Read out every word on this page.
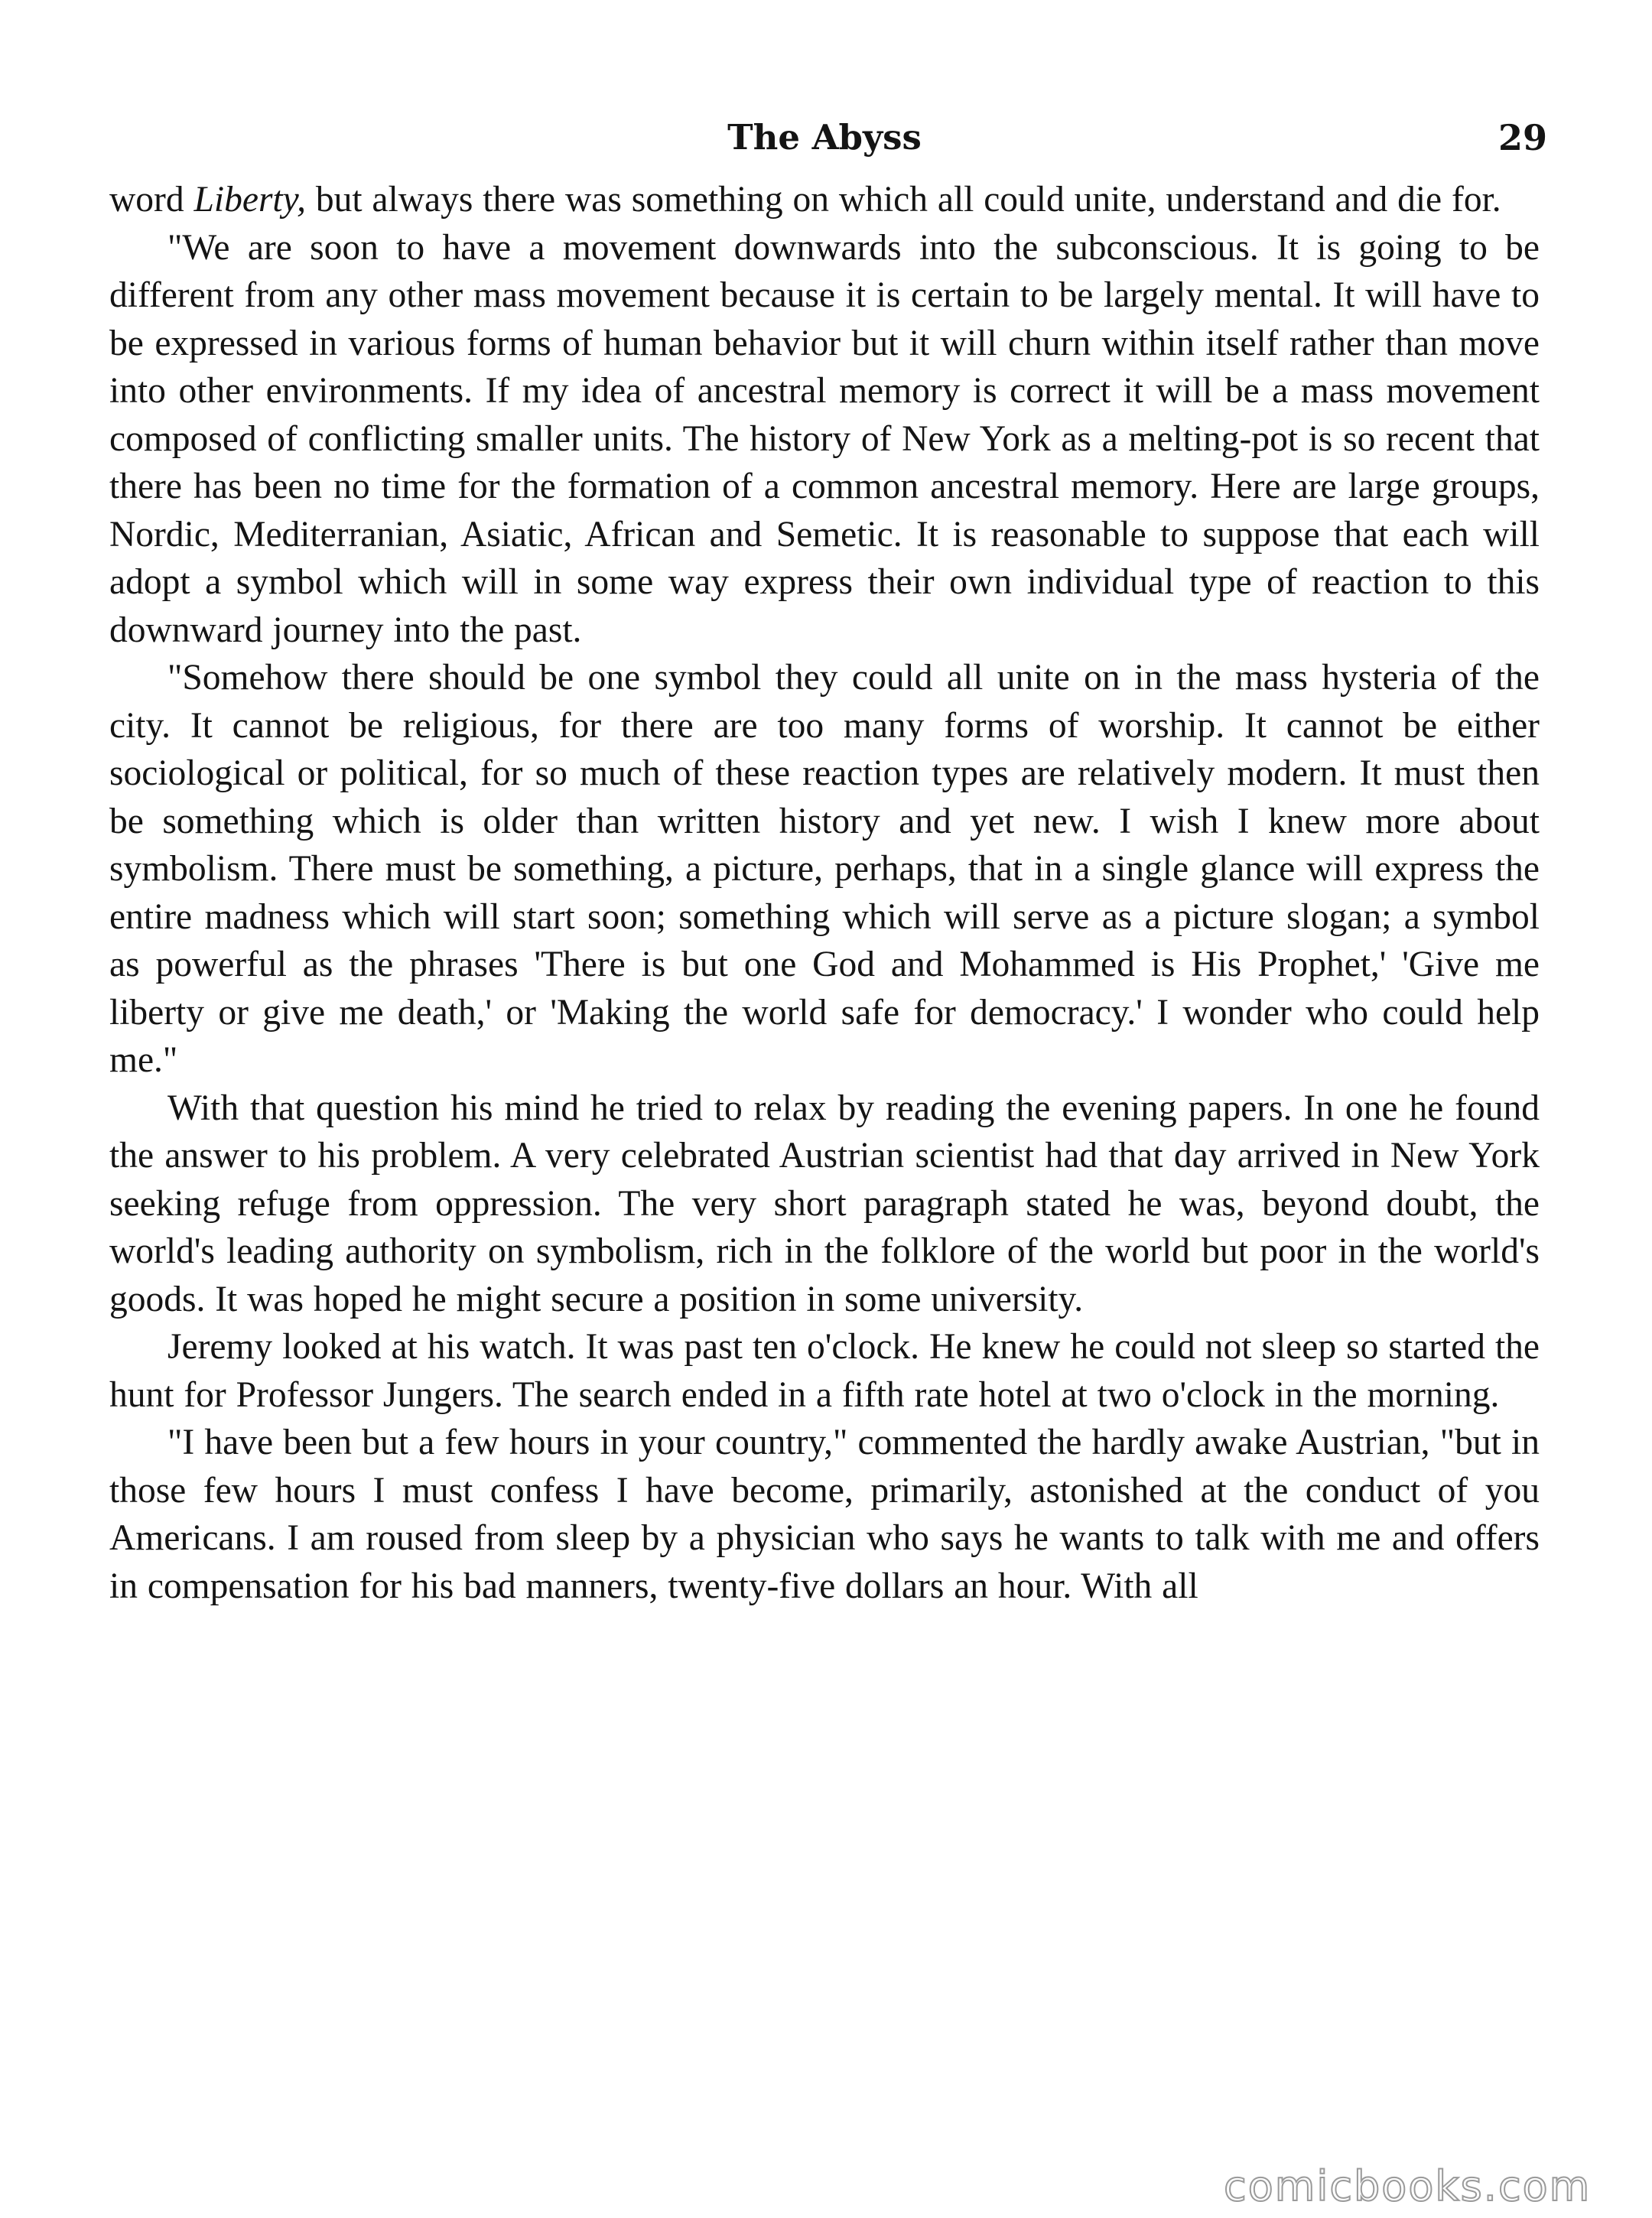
The Abyss	29

word Liberty, but always there was something on which all could unite, understand and die for.

"We are soon to have a movement downwards into the subconscious. It is going to be different from any other mass movement because it is certain to be largely mental. It will have to be expressed in various forms of human behavior but it will churn within itself rather than move into other environments. If my idea of ancestral memory is correct it will be a mass movement composed of conflicting smaller units. The history of New York as a melting-pot is so recent that there has been no time for the formation of a common ancestral memory. Here are large groups, Nordic, Mediterranian, Asiatic, African and Semetic. It is reasonable to suppose that each will adopt a symbol which will in some way express their own individual type of reaction to this downward journey into the past.

"Somehow there should be one symbol they could all unite on in the mass hysteria of the city. It cannot be religious, for there are too many forms of worship. It cannot be either sociological or political, for so much of these reaction types are relatively modern. It must then be something which is older than written history and yet new. I wish I knew more about symbolism. There must be something, a picture, perhaps, that in a single glance will express the entire madness which will start soon; something which will serve as a picture slogan; a symbol as powerful as the phrases 'There is but one God and Mohammed is His Prophet,' 'Give me liberty or give me death,' or 'Making the world safe for democracy.' I wonder who could help me."

With that question his mind he tried to relax by reading the evening papers. In one he found the answer to his problem. A very celebrated Austrian scientist had that day arrived in New York seeking refuge from oppression. The very short paragraph stated he was, beyond doubt, the world's leading authority on symbolism, rich in the folklore of the world but poor in the world's goods. It was hoped he might secure a position in some university.

Jeremy looked at his watch. It was past ten o'clock. He knew he could not sleep so started the hunt for Professor Jungers. The search ended in a fifth rate hotel at two o'clock in the morning.

"I have been but a few hours in your country," commented the hardly awake Austrian, "but in those few hours I must confess I have become, primarily, astonished at the conduct of you Americans. I am roused from sleep by a physician who says he wants to talk with me and offers in compensation for his bad manners, twenty-five dollars an hour. With all

comicbooks.com
